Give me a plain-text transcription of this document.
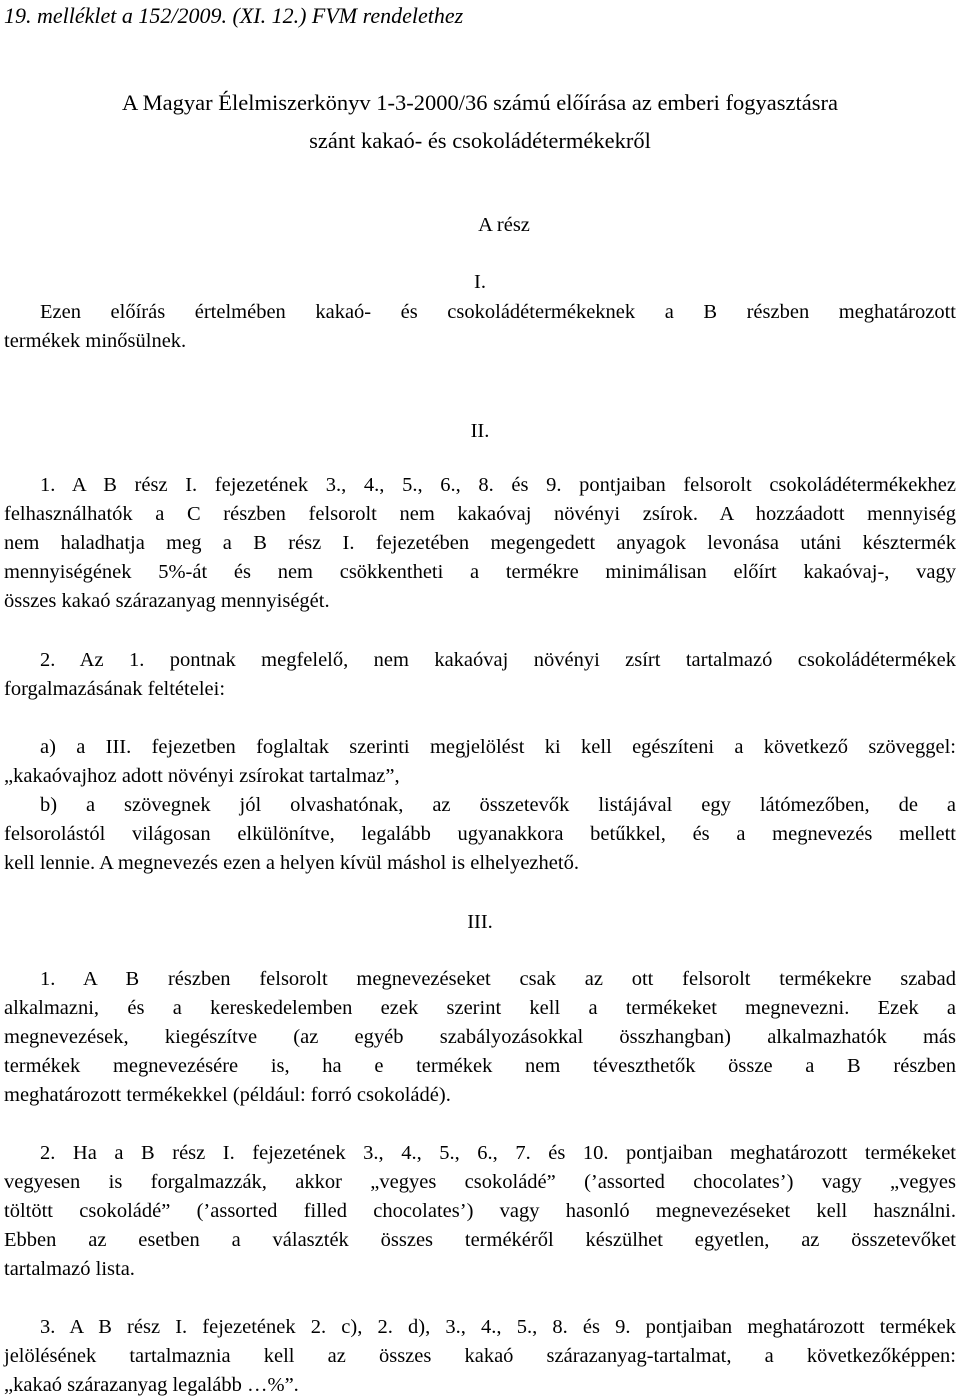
19. melléklet a 152/2009. (XI. 12.) FVM rendelethez
A Magyar Élelmiszerkönyv 1-3-2000/36 számú előírása az emberi fogyasztásra
szánt kakaó- és csokoládétermékekről
A rész
I.
Ezen előírás értelmében kakaó- és csokoládétermékeknek a B részben meghatározott
termékek minősülnek.
II.
1. A B rész I. fejezetének 3., 4., 5., 6., 8. és 9. pontjaiban felsorolt csokoládétermékekhez
felhasználhatók a C részben felsorolt nem kakaóvaj növényi zsírok. A hozzáadott mennyiség
nem haladhatja meg a B rész I. fejezetében megengedett anyagok levonása utáni késztermék
mennyiségének 5%-át és nem csökkentheti a termékre minimálisan előírt kakaóvaj-, vagy
összes kakaó szárazanyag mennyiségét.
2. Az 1. pontnak megfelelő, nem kakaóvaj növényi zsírt tartalmazó csokoládétermékek
forgalmazásának feltételei:
a) a III. fejezetben foglaltak szerinti megjelölést ki kell egészíteni a következő szöveggel:
„kakaóvajhoz adott növényi zsírokat tartalmaz”,
b) a szövegnek jól olvashatónak, az összetevők listájával egy látómezőben, de a
felsorolástól világosan elkülönítve, legalább ugyanakkora betűkkel, és a megnevezés mellett
kell lennie. A megnevezés ezen a helyen kívül máshol is elhelyezhető.
III.
1. A B részben felsorolt megnevezéseket csak az ott felsorolt termékekre szabad
alkalmazni, és a kereskedelemben ezek szerint kell a termékeket megnevezni. Ezek a
megnevezések, kiegészítve (az egyéb szabályozásokkal összhangban) alkalmazhatók más
termékek megnevezésére is, ha e termékek nem téveszthetők össze a B részben
meghatározott termékekkel (például: forró csokoládé).
2. Ha a B rész I. fejezetének 3., 4., 5., 6., 7. és 10. pontjaiban meghatározott termékeket
vegyesen is forgalmazzák, akkor „vegyes csokoládé” (’assorted chocolates’) vagy „vegyes
töltött csokoládé” (’assorted filled chocolates’) vagy hasonló megnevezéseket kell használni.
Ebben az esetben a választék összes termékéről készülhet egyetlen, az összetevőket
tartalmazó lista.
3. A B rész I. fejezetének 2. c), 2. d), 3., 4., 5., 8. és 9. pontjaiban meghatározott termékek
jelölésének tartalmaznia kell az összes kakaó szárazanyag-tartalmat, a következőképpen:
„kakaó szárazanyag legalább …%”.
